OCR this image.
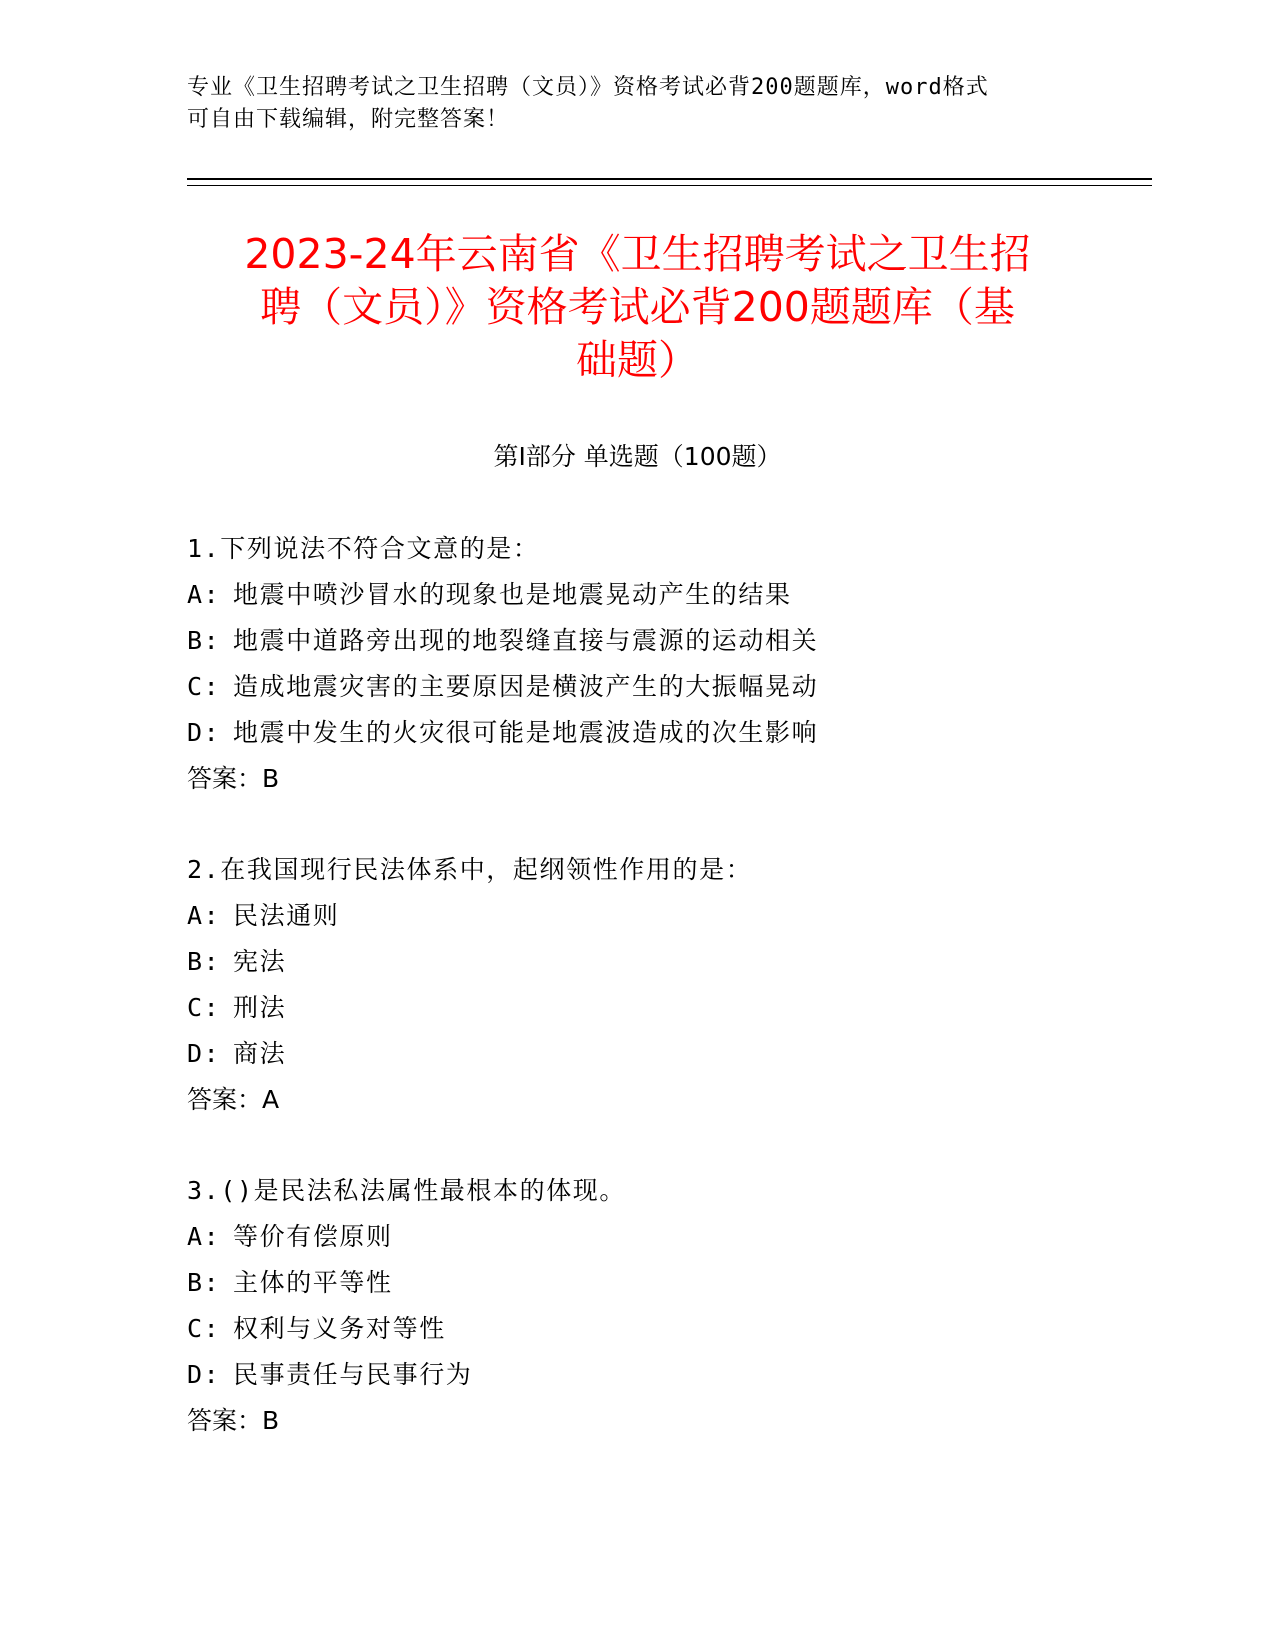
专业《卫生招聘考试之卫生招聘（文员）》资格考试必背200题题库，word格式
可自由下载编辑，附完整答案！
2023-24年云南省《卫生招聘考试之卫生招
聘（文员）》资格考试必背200题题库（基
础题）
第Ⅰ部分 单选题（100题）
1.下列说法不符合文意的是：
A: 地震中喷沙冒水的现象也是地震晃动产生的结果
B: 地震中道路旁出现的地裂缝直接与震源的运动相关
C: 造成地震灾害的主要原因是横波产生的大振幅晃动
D: 地震中发生的火灾很可能是地震波造成的次生影响
答案：B
2.在我国现行民法体系中，起纲领性作用的是：
A: 民法通则
B: 宪法
C: 刑法
D: 商法
答案：A
3.()是民法私法属性最根本的体现。
A: 等价有偿原则
B: 主体的平等性
C: 权利与义务对等性
D: 民事责任与民事行为
答案：B
